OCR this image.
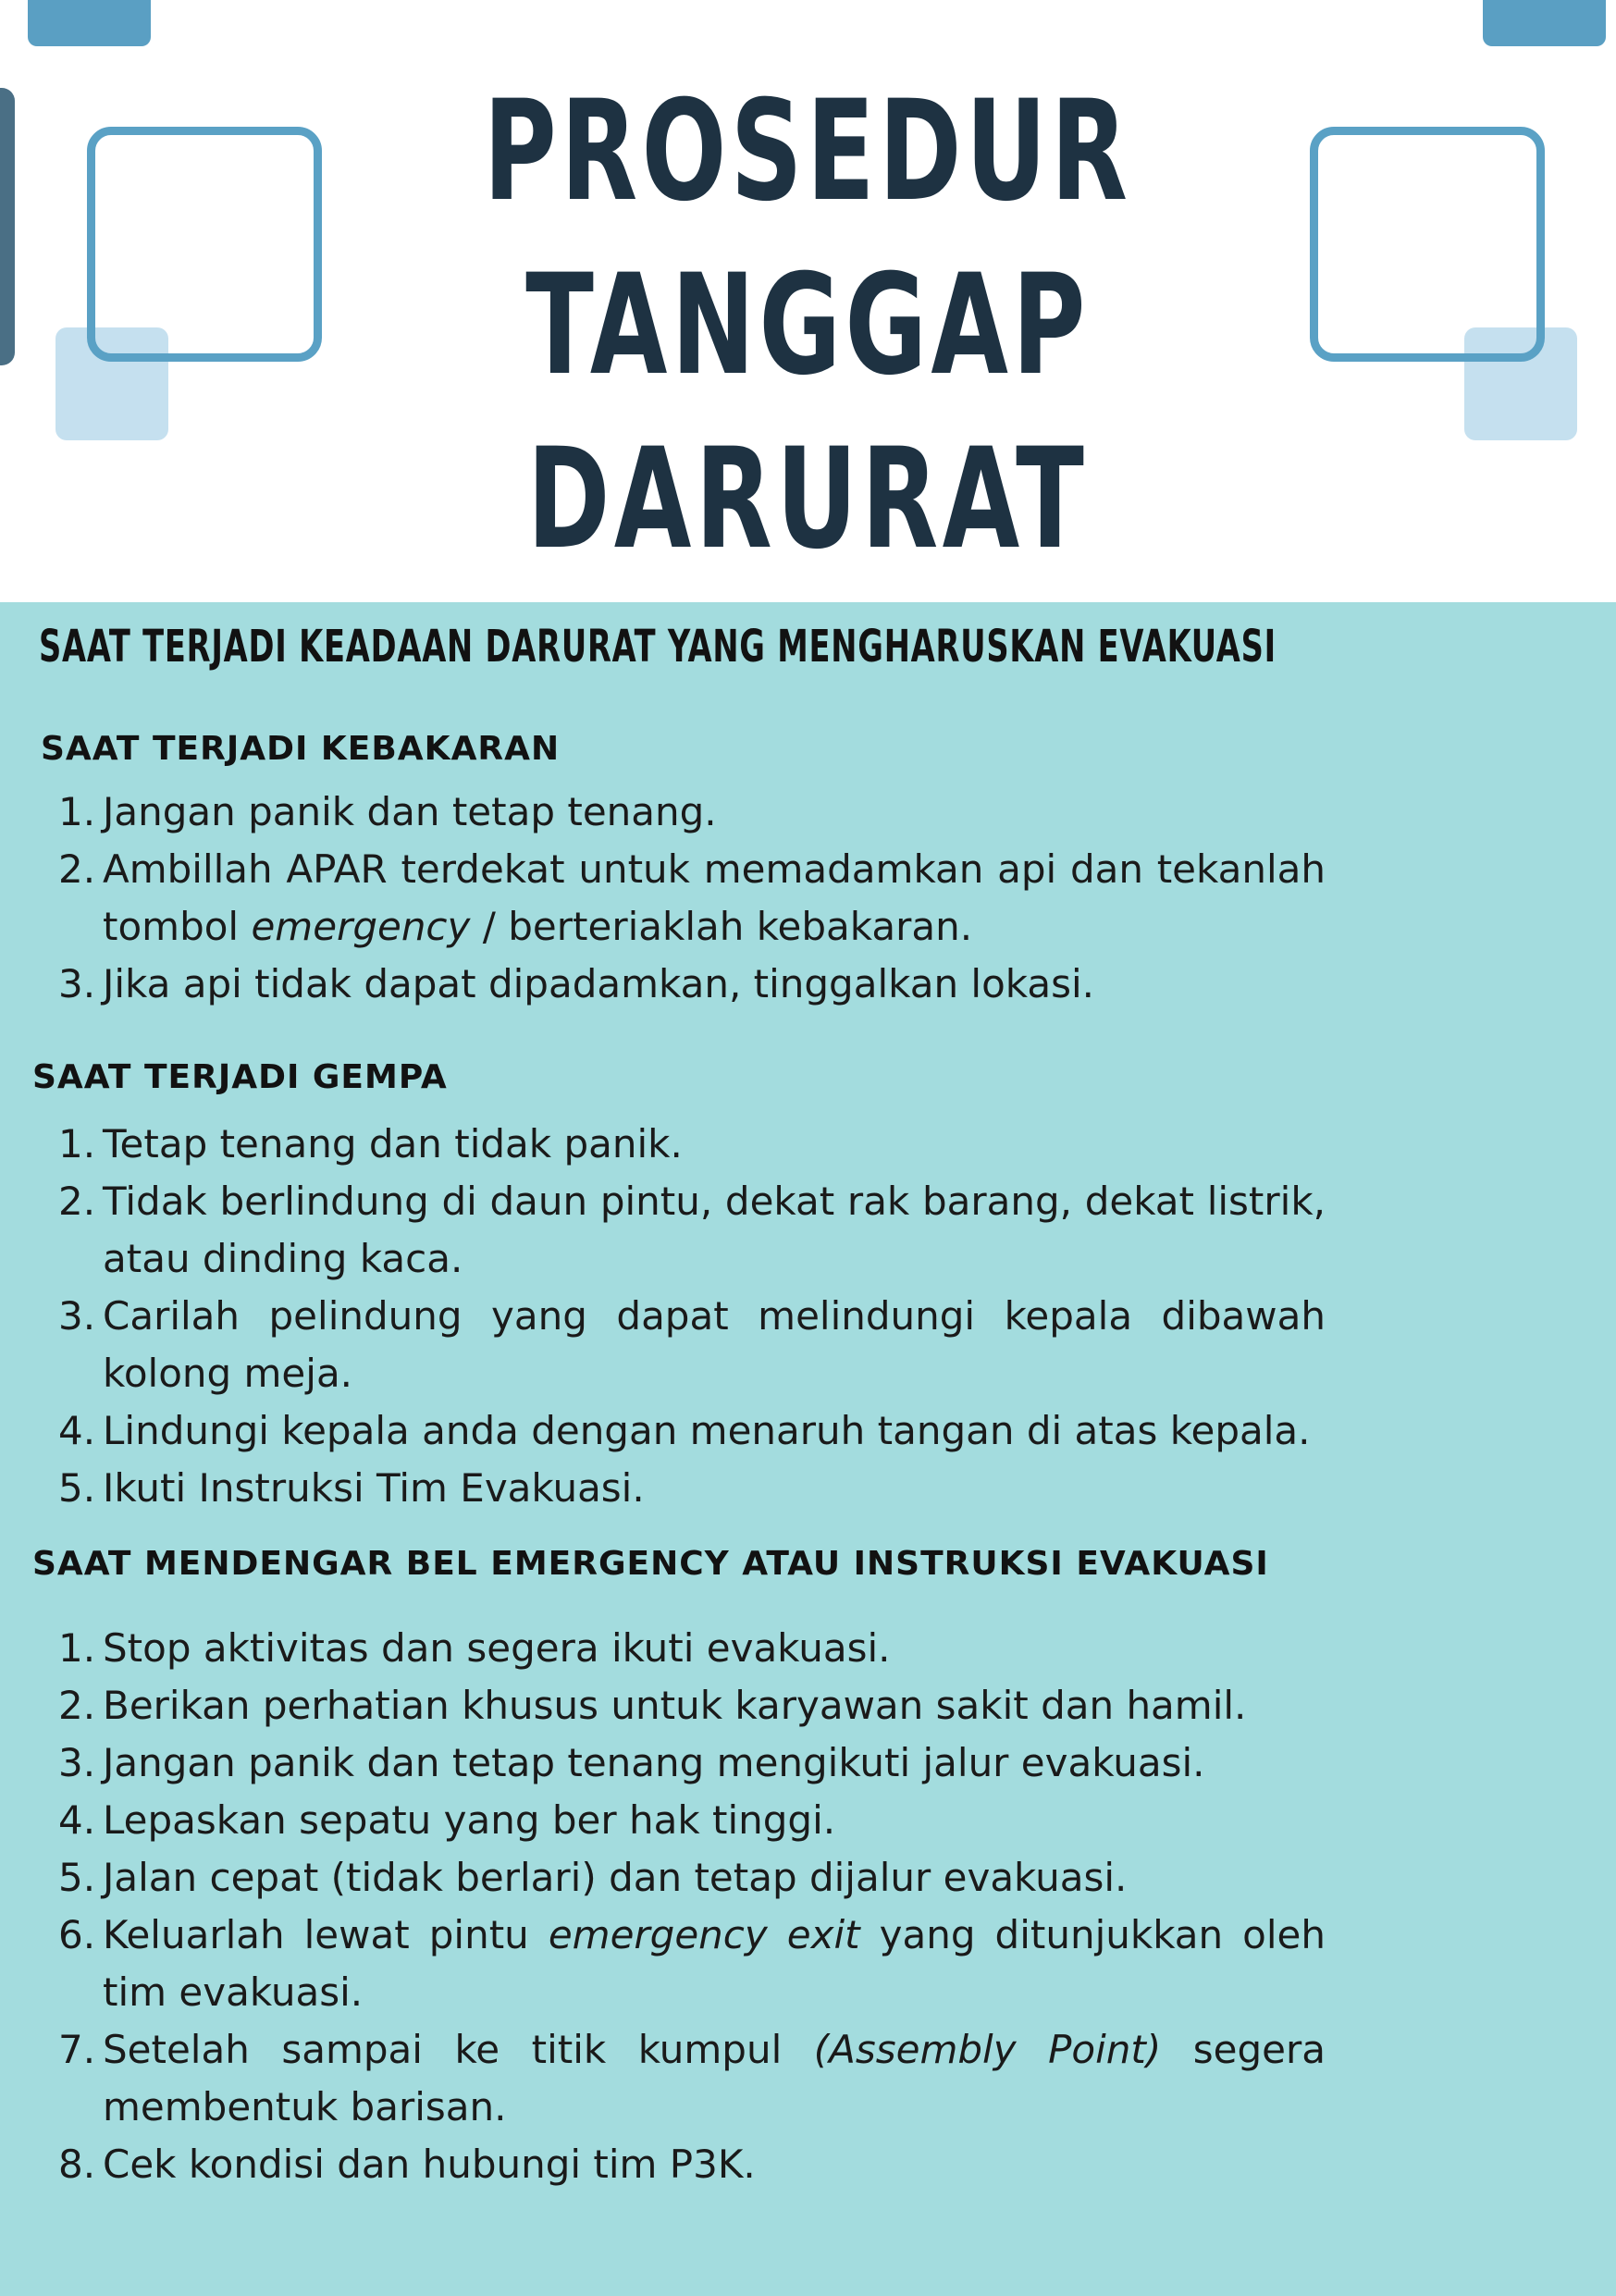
PROSEDUR
TANGGAP
DARURAT
SAAT TERJADI KEADAAN DARURAT YANG MENGHARUSKAN EVAKUASI
SAAT TERJADI KEBAKARAN
1. Jangan panik dan tetap tenang.
2. Ambillah APAR terdekat untuk memadamkan api dan tekanlah tombol emergency / berteriaklah kebakaran.
3. Jika api tidak dapat dipadamkan, tinggalkan lokasi.
SAAT TERJADI GEMPA
1. Tetap tenang dan tidak panik.
2. Tidak berlindung di daun pintu, dekat rak barang, dekat listrik, atau dinding kaca.
3. Carilah pelindung yang dapat melindungi kepala dibawah kolong meja.
4. Lindungi kepala anda dengan menaruh tangan di atas kepala.
5. Ikuti Instruksi Tim Evakuasi.
SAAT MENDENGAR BEL EMERGENCY ATAU INSTRUKSI EVAKUASI
1. Stop aktivitas dan segera ikuti evakuasi.
2. Berikan perhatian khusus untuk karyawan sakit dan hamil.
3. Jangan panik dan tetap tenang mengikuti jalur evakuasi.
4. Lepaskan sepatu yang ber hak tinggi.
5. Jalan cepat (tidak berlari) dan tetap dijalur evakuasi.
6. Keluarlah lewat pintu emergency exit yang ditunjukkan oleh tim evakuasi.
7. Setelah sampai ke titik kumpul (Assembly Point) segera membentuk barisan.
8. Cek kondisi dan hubungi tim P3K.
